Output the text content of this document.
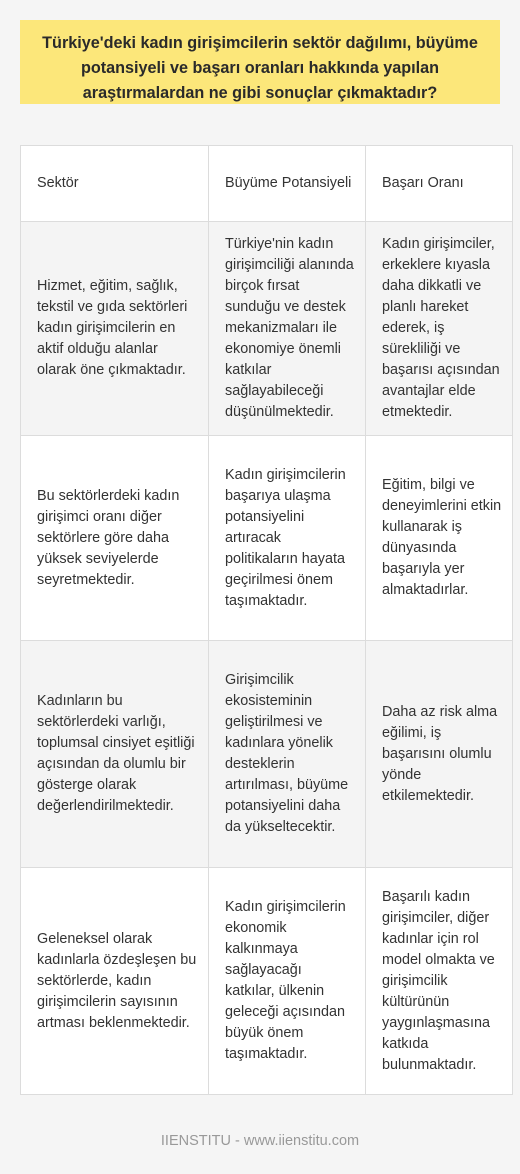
Türkiye'deki kadın girişimcilerin sektör dağılımı, büyüme potansiyeli ve başarı oranları hakkında yapılan araştırmalardan ne gibi sonuçlar çıkmaktadır?
Sektör	Büyüme Potansiyeli	Başarı Oranı
Hizmet, eğitim, sağlık, tekstil ve gıda sektörleri kadın girişimcilerin en aktif olduğu alanlar olarak öne çıkmaktadır.	Türkiye'nin kadın girişimciliği alanında birçok fırsat sunduğu ve destek mekanizmaları ile ekonomiye önemli katkılar sağlayabileceği düşünülmektedir.	Kadın girişimciler, erkeklere kıyasla daha dikkatli ve planlı hareket ederek, iş sürekliliği ve başarısı açısından avantajlar elde etmektedir.
Bu sektörlerdeki kadın girişimci oranı diğer sektörlere göre daha yüksek seviyelerde seyretmektedir.	Kadın girişimcilerin başarıya ulaşma potansiyelini artıracak politikaların hayata geçirilmesi önem taşımaktadır.	Eğitim, bilgi ve deneyimlerini etkin kullanarak iş dünyasında başarıyla yer almaktadırlar.
Kadınların bu sektörlerdeki varlığı, toplumsal cinsiyet eşitliği açısından da olumlu bir gösterge olarak değerlendirilmektedir.	Girişimcilik ekosisteminin geliştirilmesi ve kadınlara yönelik desteklerin artırılması, büyüme potansiyelini daha da yükseltecektir.	Daha az risk alma eğilimi, iş başarısını olumlu yönde etkilemektedir.
Geleneksel olarak kadınlarla özdeşleşen bu sektörlerde, kadın girişimcilerin sayısının artması beklenmektedir.	Kadın girişimcilerin ekonomik kalkınmaya sağlayacağı katkılar, ülkenin geleceği açısından büyük önem taşımaktadır.	Başarılı kadın girişimciler, diğer kadınlar için rol model olmakta ve girişimcilik kültürünün yaygınlaşmasına katkıda bulunmaktadır.
IIENSTITU - www.iienstitu.com
